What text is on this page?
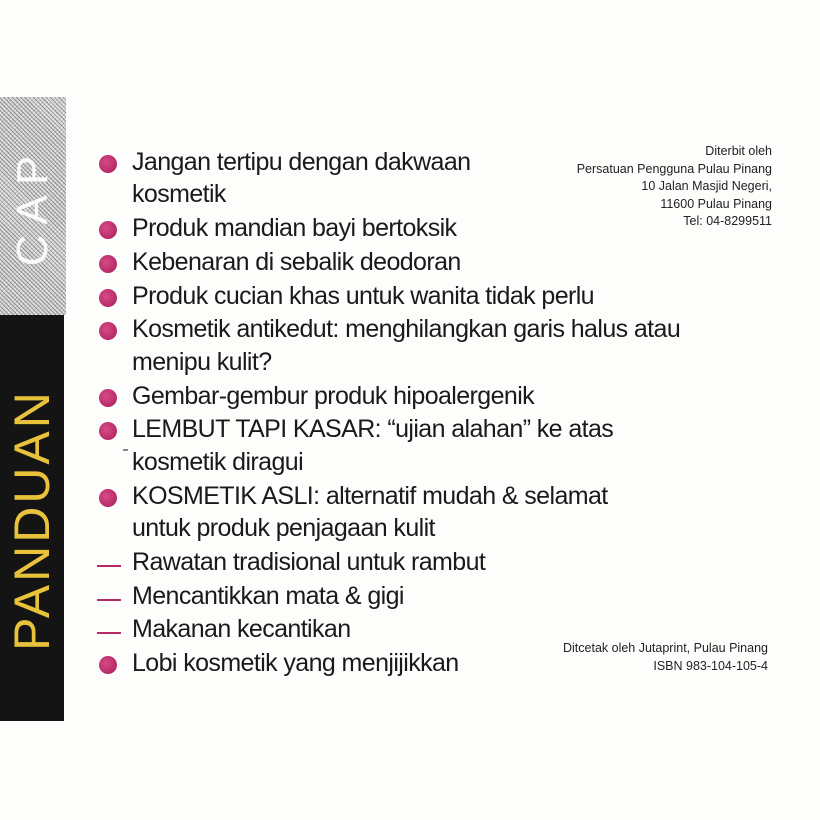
CAP
PANDUAN
Jangan tertipu dengan dakwaan
kosmetik
Produk mandian bayi bertoksik
Kebenaran di sebalik deodoran
Produk cucian khas untuk wanita tidak perlu
Kosmetik antikedut: menghilangkan garis halus atau
menipu kulit?
Gembar-gembur produk hipoalergenik
LEMBUT TAPI KASAR: “ujian alahan” ke atas
kosmetik diragui
KOSMETIK ASLI: alternatif mudah & selamat
untuk produk penjagaan kulit
Rawatan tradisional untuk rambut
Mencantikkan mata & gigi
Makanan kecantikan
Lobi kosmetik yang menjijikkan
Diterbit oleh
Persatuan Pengguna Pulau Pinang
10 Jalan Masjid Negeri,
11600 Pulau Pinang
Tel: 04-8299511
Ditcetak oleh Jutaprint, Pulau Pinang
ISBN 983-104-105-4
